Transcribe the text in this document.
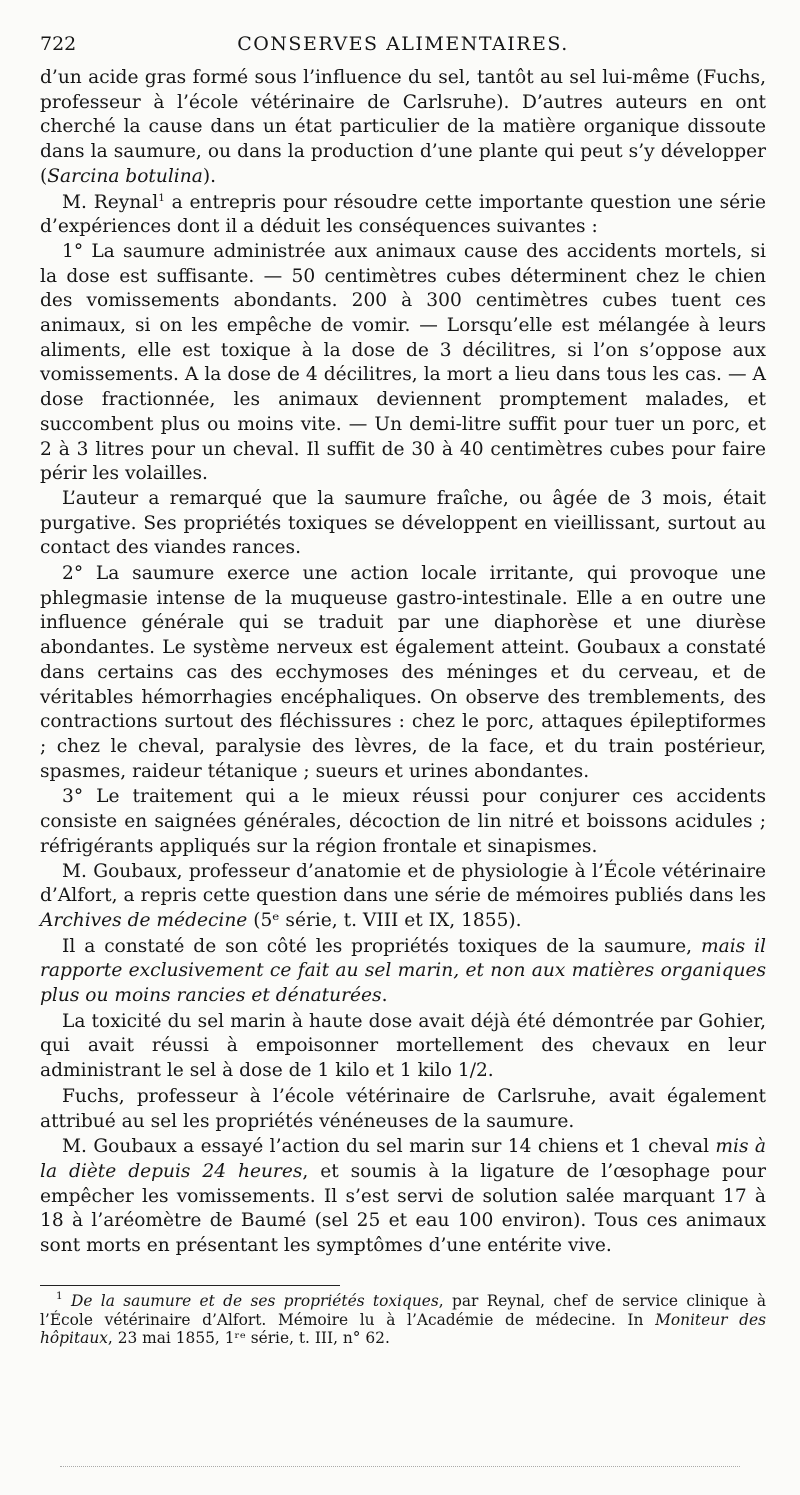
722	CONSERVES ALIMENTAIRES.

d’un acide gras formé sous l’influence du sel, tantôt au sel lui-même (Fuchs, professeur à l’école vétérinaire de Carlsruhe). D’autres auteurs en ont cherché la cause dans un état particulier de la matière organique dissoute dans la saumure, ou dans la production d’une plante qui peut s’y développer (Sarcina botulina).

M. Reynal$^1$ a entrepris pour résoudre cette importante question une série d’expériences dont il a déduit les conséquences suivantes :

1° La saumure administrée aux animaux cause des accidents mortels, si la dose est suffisante. — 50 centimètres cubes déterminent chez le chien des vomissements abondants. 200 à 300 centimètres cubes tuent ces animaux, si on les empêche de vomir. — Lorsqu’elle est mélangée à leurs aliments, elle est toxique à la dose de 3 décilitres, si l’on s’oppose aux vomissements. A la dose de 4 décilitres, la mort a lieu dans tous les cas. — A dose fractionnée, les animaux deviennent promptement malades, et succombent plus ou moins vite. — Un demi-litre suffit pour tuer un porc, et 2 à 3 litres pour un cheval. Il suffit de 30 à 40 centimètres cubes pour faire périr les volailles.

L’auteur a remarqué que la saumure fraîche, ou âgée de 3 mois, était purgative. Ses propriétés toxiques se développent en vieillissant, surtout au contact des viandes rances.

2° La saumure exerce une action locale irritante, qui provoque une phlegmasie intense de la muqueuse gastro-intestinale. Elle a en outre une influence générale qui se traduit par une diaphorèse et une diurèse abondantes. Le système nerveux est également atteint. Goubaux a constaté dans certains cas des ecchymoses des méninges et du cerveau, et de véritables hémorrhagies encéphaliques. On observe des tremblements, des contractions surtout des fléchissures : chez le porc, attaques épileptiformes ; chez le cheval, paralysie des lèvres, de la face, et du train postérieur, spasmes, raideur tétanique ; sueurs et urines abondantes.

3° Le traitement qui a le mieux réussi pour conjurer ces accidents consiste en saignées générales, décoction de lin nitré et boissons acidules ; réfrigérants appliqués sur la région frontale et sinapismes.

M. Goubaux, professeur d’anatomie et de physiologie à l’École vétérinaire d’Alfort, a repris cette question dans une série de mémoires publiés dans les Archives de médecine (5ᵉ série, t. VIII et IX, 1855).

Il a constaté de son côté les propriétés toxiques de la saumure, mais il rapporte exclusivement ce fait au sel marin, et non aux matières organiques plus ou moins rancies et dénaturées.

La toxicité du sel marin à haute dose avait déjà été démontrée par Gohier, qui avait réussi à empoisonner mortellement des chevaux en leur administrant le sel à dose de 1 kilo et 1 kilo 1/2.

Fuchs, professeur à l’école vétérinaire de Carlsruhe, avait également attribué au sel les propriétés vénéneuses de la saumure.

M. Goubaux a essayé l’action du sel marin sur 14 chiens et 1 cheval mis à la diète depuis 24 heures, et soumis à la ligature de l’œsophage pour empêcher les vomissements. Il s’est servi de solution salée marquant 17 à 18 à l’aréomètre de Baumé (sel 25 et eau 100 environ). Tous ces animaux sont morts en présentant les symptômes d’une entérite vive.

$^1$ De la saumure et de ses propriétés toxiques, par Reynal, chef de service clinique à l’École vétérinaire d’Alfort. Mémoire lu à l’Académie de médecine. In Moniteur des hôpitaux, 23 mai 1855, 1ʳᵉ série, t. III, n° 62.
